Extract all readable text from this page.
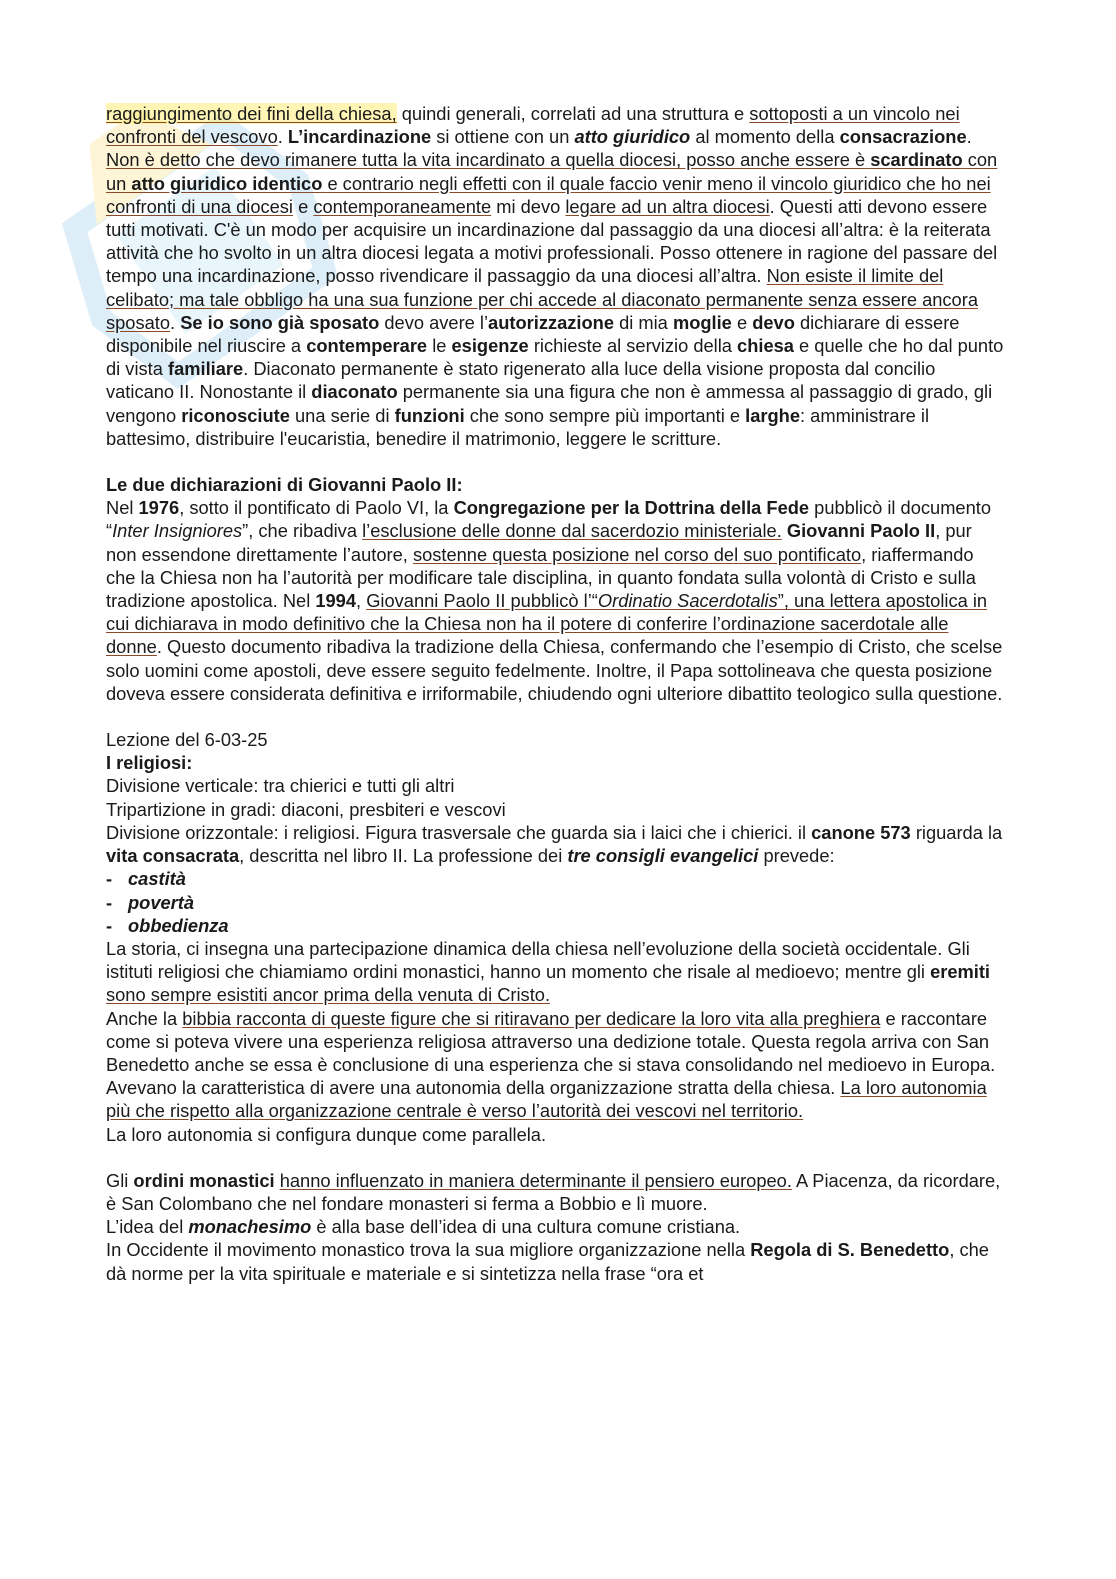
raggiungimento dei fini della chiesa, quindi generali, correlati ad una struttura e sottoposti a un vincolo nei confronti del vescovo. L’incardinazione si ottiene con un atto giuridico al momento della consacrazione. Non è detto che devo rimanere tutta la vita incardinato a quella diocesi, posso anche essere è scardinato con un atto giuridico identico e contrario negli effetti con il quale faccio venir meno il vincolo giuridico che ho nei confronti di una diocesi e contemporaneamente mi devo legare ad un altra diocesi. Questi atti devono essere tutti motivati. C'è un modo per acquisire un incardinazione dal passaggio da una diocesi all’altra: è la reiterata attività che ho svolto in un altra diocesi legata a motivi professionali. Posso ottenere in ragione del passare del tempo una incardinazione, posso rivendicare il passaggio da una diocesi all’altra. Non esiste il limite del celibato; ma tale obbligo ha una sua funzione per chi accede al diaconato permanente senza essere ancora sposato. Se io sono già sposato devo avere l’autorizzazione di mia moglie e devo dichiarare di essere disponibile nel riuscire a contemperare le esigenze richieste al servizio della chiesa e quelle che ho dal punto di vista familiare. Diaconato permanente è stato rigenerato alla luce della visione proposta dal concilio vaticano II. Nonostante il diaconato permanente sia una figura che non è ammessa al passaggio di grado, gli vengono riconosciute una serie di funzioni che sono sempre più importanti e larghe: amministrare il battesimo, distribuire l'eucaristia, benedire il matrimonio, leggere le scritture.

Le due dichiarazioni di Giovanni Paolo II:

Nel 1976, sotto il pontificato di Paolo VI, la Congregazione per la Dottrina della Fede pubblicò il documento “Inter Insigniores”, che ribadiva l’esclusione delle donne dal sacerdozio ministeriale. Giovanni Paolo II, pur non essendone direttamente l’autore, sostenne questa posizione nel corso del suo pontificato, riaffermando che la Chiesa non ha l’autorità per modificare tale disciplina, in quanto fondata sulla volontà di Cristo e sulla tradizione apostolica. Nel 1994, Giovanni Paolo II pubblicò l’“Ordinatio Sacerdotalis”, una lettera apostolica in cui dichiarava in modo definitivo che la Chiesa non ha il potere di conferire l’ordinazione sacerdotale alle donne. Questo documento ribadiva la tradizione della Chiesa, confermando che l’esempio di Cristo, che scelse solo uomini come apostoli, deve essere seguito fedelmente. Inoltre, il Papa sottolineava che questa posizione doveva essere considerata definitiva e irriformabile, chiudendo ogni ulteriore dibattito teologico sulla questione.

Lezione del 6-03-25

I religiosi:

Divisione verticale: tra chierici e tutti gli altri

Tripartizione in gradi: diaconi, presbiteri e vescovi

Divisione orizzontale: i religiosi. Figura trasversale che guarda sia i laici che i chierici. il canone 573 riguarda la vita consacrata, descritta nel libro II. La professione dei tre consigli evangelici prevede:

- castità
- povertà
- obbedienza

La storia, ci insegna una partecipazione dinamica della chiesa nell’evoluzione della società occidentale. Gli istituti religiosi che chiamiamo ordini monastici, hanno un momento che risale al medioevo; mentre gli eremiti sono sempre esistiti ancor prima della venuta di Cristo.

Anche la bibbia racconta di queste figure che si ritiravano per dedicare la loro vita alla preghiera e raccontare come si poteva vivere una esperienza religiosa attraverso una dedizione totale. Questa regola arriva con San Benedetto anche se essa è conclusione di una esperienza che si stava consolidando nel medioevo in Europa. Avevano la caratteristica di avere una autonomia della organizzazione stratta della chiesa. La loro autonomia più che rispetto alla organizzazione centrale è verso l’autorità dei vescovi nel territorio.

La loro autonomia si configura dunque come parallela.

Gli ordini monastici hanno influenzato in maniera determinante il pensiero europeo. A Piacenza, da ricordare, è San Colombano che nel fondare monasteri si ferma a Bobbio e lì muore.

L’idea del monachesimo è alla base dell’idea di una cultura comune cristiana.

In Occidente il movimento monastico trova la sua migliore organizzazione nella Regola di S. Benedetto, che dà norme per la vita spirituale e materiale e si sintetizza nella frase “ora et
